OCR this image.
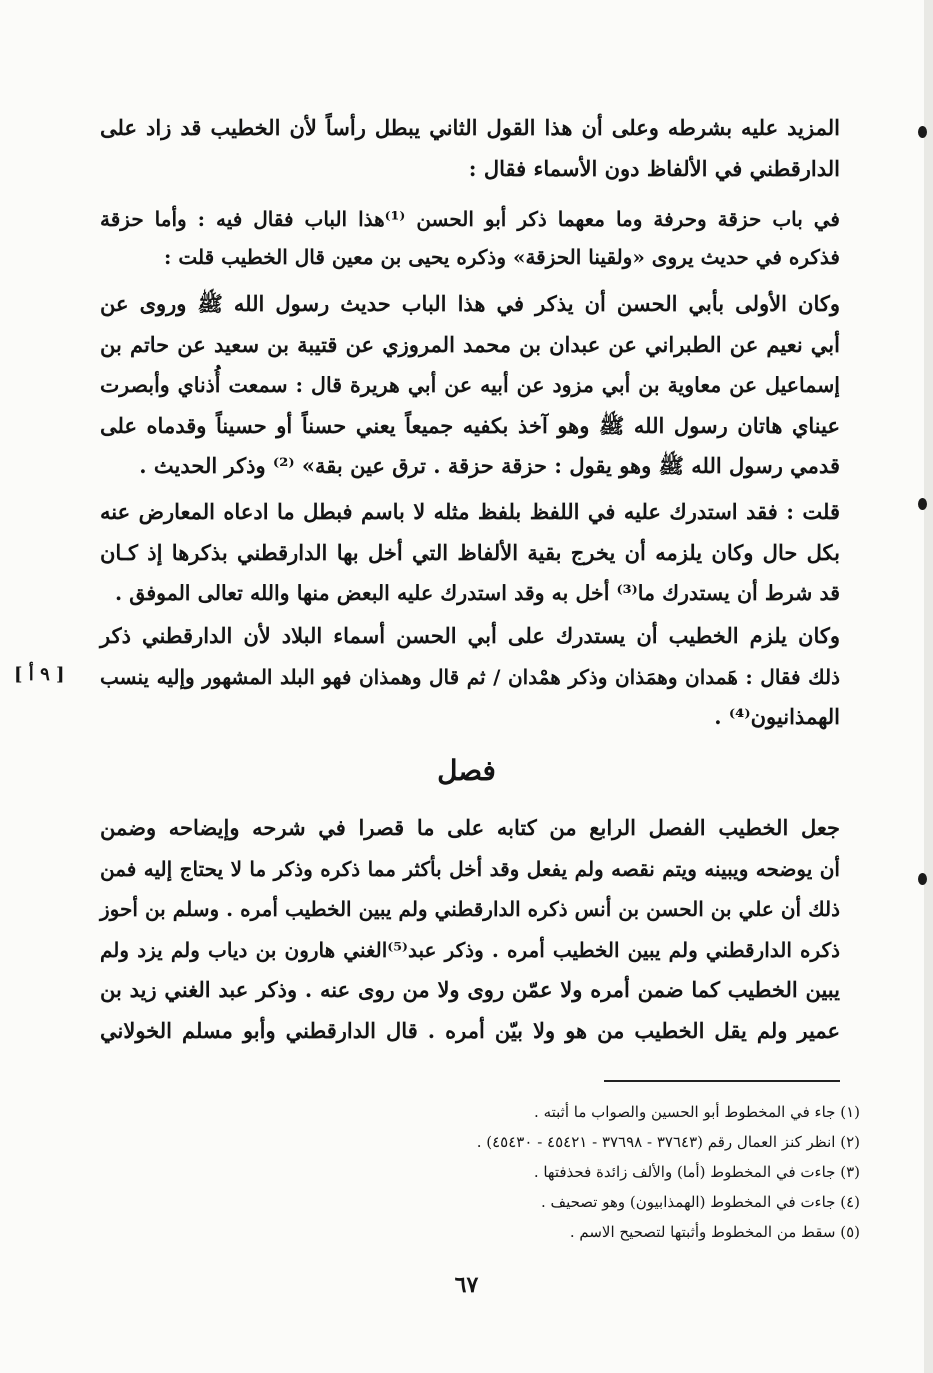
المزيد عليه بشرطه وعلى أن هذا القول الثاني يبطل رأساً لأن الخطيب قد زاد على
الدارقطني في الألفاظ دون الأسماء فقال :
في باب حزقة وحرفة وما معهما ذكر أبو الحسن ⁽¹⁾هذا الباب فقال فيه : وأما حزقة
فذكره في حديث يروى «ولقينا الحزقة» وذكره يحيى بن معين قال الخطيب قلت :
وكان الأولى بأبي الحسن أن يذكر في هذا الباب حديث رسول الله ﷺ وروى عن
أبي نعيم عن الطبراني عن عبدان بن محمد المروزي عن قتيبة بن سعيد عن حاتم بن
إسماعيل عن معاوية بن أبي مزود عن أبيه عن أبي هريرة قال : سمعت أُذناي وأبصرت
عيناي هاتان رسول الله ﷺ وهو آخذ بكفيه جميعاً يعني حسناً أو حسيناً وقدماه على
قدمي رسول الله ﷺ وهو يقول : حزقة حزقة . ترق عين بقة» ⁽²⁾ وذكر الحديث .
قلت : فقد استدرك عليه في اللفظ بلفظ مثله لا باسم فبطل ما ادعاه المعارض عنه
بكل حال وكان يلزمه أن يخرج بقية الألفاظ التي أخل بها الدارقطني بذكرها إذ كـان
قد شرط أن يستدرك ما⁽³⁾ أخل به وقد استدرك عليه البعض منها والله تعالى الموفق .
وكان يلزم الخطيب أن يستدرك على أبي الحسن أسماء البلاد لأن الدارقطني ذكر
ذلك فقال : هَمدان وهمَذان وذكر همْدان / ثم قال وهمذان فهو البلد المشهور وإليه ينسب
الهمذانيون⁽⁴⁾ .
[ ٩ أ ]
فصل
جعل الخطيب الفصل الرابع من كتابه على ما قصرا في شرحه وإيضاحه وضمن
أن يوضحه ويبينه ويتم نقصه ولم يفعل وقد أخل بأكثر مما ذكره وذكر ما لا يحتاج إليه فمن
ذلك أن علي بن الحسن بن أنس ذكره الدارقطني ولم يبين الخطيب أمره . وسلم بن أحوز
ذكره الدارقطني ولم يبين الخطيب أمره . وذكر عبد⁽⁵⁾الغني هارون بن دياب ولم يزد ولم
يبين الخطيب كما ضمن أمره ولا عمّن روى ولا من روى عنه . وذكر عبد الغني زيد بن
عمير ولم يقل الخطيب من هو ولا بيّن أمره . قال الدارقطني وأبو مسلم الخولاني
(١) جاء في المخطوط أبو الحسين والصواب ما أثبته .
(٢) انظر كنز العمال رقم (٣٧٦٤٣ - ٣٧٦٩٨ - ٤٥٤٢١ - ٤٥٤٣٠) .
(٣) جاءت في المخطوط (أما) والألف زائدة فحذفتها .
(٤) جاءت في المخطوط (الهمذابيون) وهو تصحيف .
(٥) سقط من المخطوط وأثبتها لتصحيح الاسم .
٦٧
